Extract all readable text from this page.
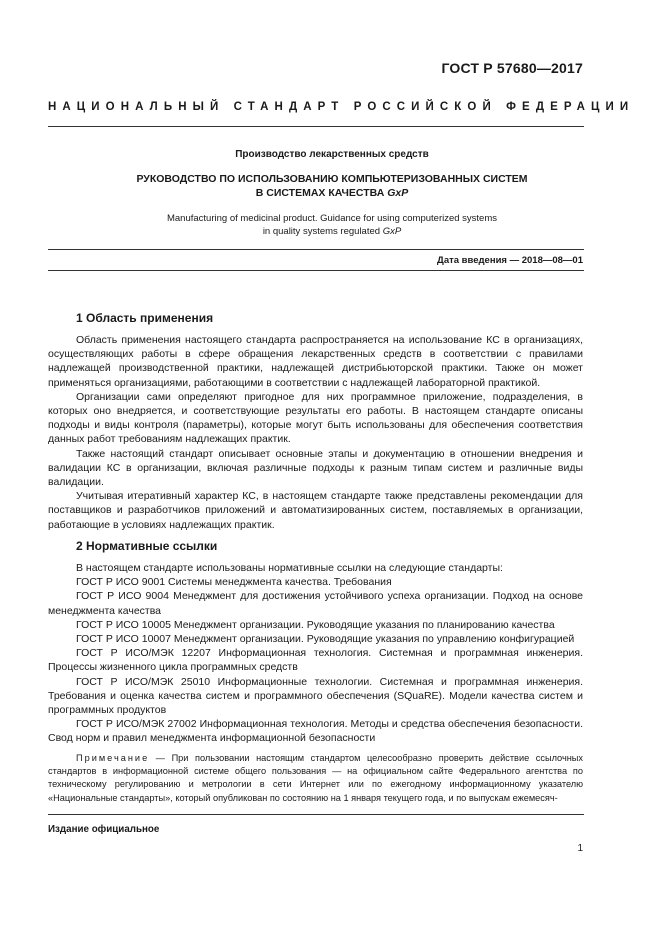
ГОСТ Р 57680—2017
НАЦИОНАЛЬНЫЙ СТАНДАРТ РОССИЙСКОЙ ФЕДЕРАЦИИ
Производство лекарственных средств
РУКОВОДСТВО ПО ИСПОЛЬЗОВАНИЮ КОМПЬЮТЕРИЗОВАННЫХ СИСТЕМ
В СИСТЕМАХ КАЧЕСТВА GxP
Manufacturing of medicinal product. Guidance for using computerized systems
in quality systems regulated GxP
Дата введения — 2018—08—01
1 Область применения

Область применения настоящего стандарта распространяется на использование КС в организациях, осуществляющих работы в сфере обращения лекарственных средств в соответствии с правилами надлежащей производственной практики, надлежащей дистрибьюторской практики. Также он может применяться организациями, работающими в соответствии с надлежащей лабораторной практикой.

Организации сами определяют пригодное для них программное приложение, подразделения, в которых оно внедряется, и соответствующие результаты его работы. В настоящем стандарте описаны подходы и виды контроля (параметры), которые могут быть использованы для обеспечения соответствия данных работ требованиям надлежащих практик.

Также настоящий стандарт описывает основные этапы и документацию в отношении внедрения и валидации КС в организации, включая различные подходы к разным типам систем и различные виды валидации.

Учитывая итеративный характер КС, в настоящем стандарте также представлены рекомендации для поставщиков и разработчиков приложений и автоматизированных систем, поставляемых в организации, работающие в условиях надлежащих практик.

2 Нормативные ссылки

В настоящем стандарте использованы нормативные ссылки на следующие стандарты:

ГОСТ Р ИСО 9001 Системы менеджмента качества. Требования

ГОСТ Р ИСО 9004 Менеджмент для достижения устойчивого успеха организации. Подход на основе менеджмента качества

ГОСТ Р ИСО 10005 Менеджмент организации. Руководящие указания по планированию качества

ГОСТ Р ИСО 10007 Менеджмент организации. Руководящие указания по управлению конфигурацией

ГОСТ Р ИСО/МЭК 12207 Информационная технология. Системная и программная инженерия. Процессы жизненного цикла программных средств

ГОСТ Р ИСО/МЭК 25010 Информационные технологии. Системная и программная инженерия. Требования и оценка качества систем и программного обеспечения (SQuaRE). Модели качества систем и программных продуктов

ГОСТ Р ИСО/МЭК 27002 Информационная технология. Методы и средства обеспечения безопасности. Свод норм и правил менеджмента информационной безопасности

Примечание — При пользовании настоящим стандартом целесообразно проверить действие ссылочных стандартов в информационной системе общего пользования — на официальном сайте Федерального агентства по техническому регулированию и метрологии в сети Интернет или по ежегодному информационному указателю «Национальные стандарты», который опубликован по состоянию на 1 января текущего года, и по выпускам ежемесяч-

Издание официальное
1
